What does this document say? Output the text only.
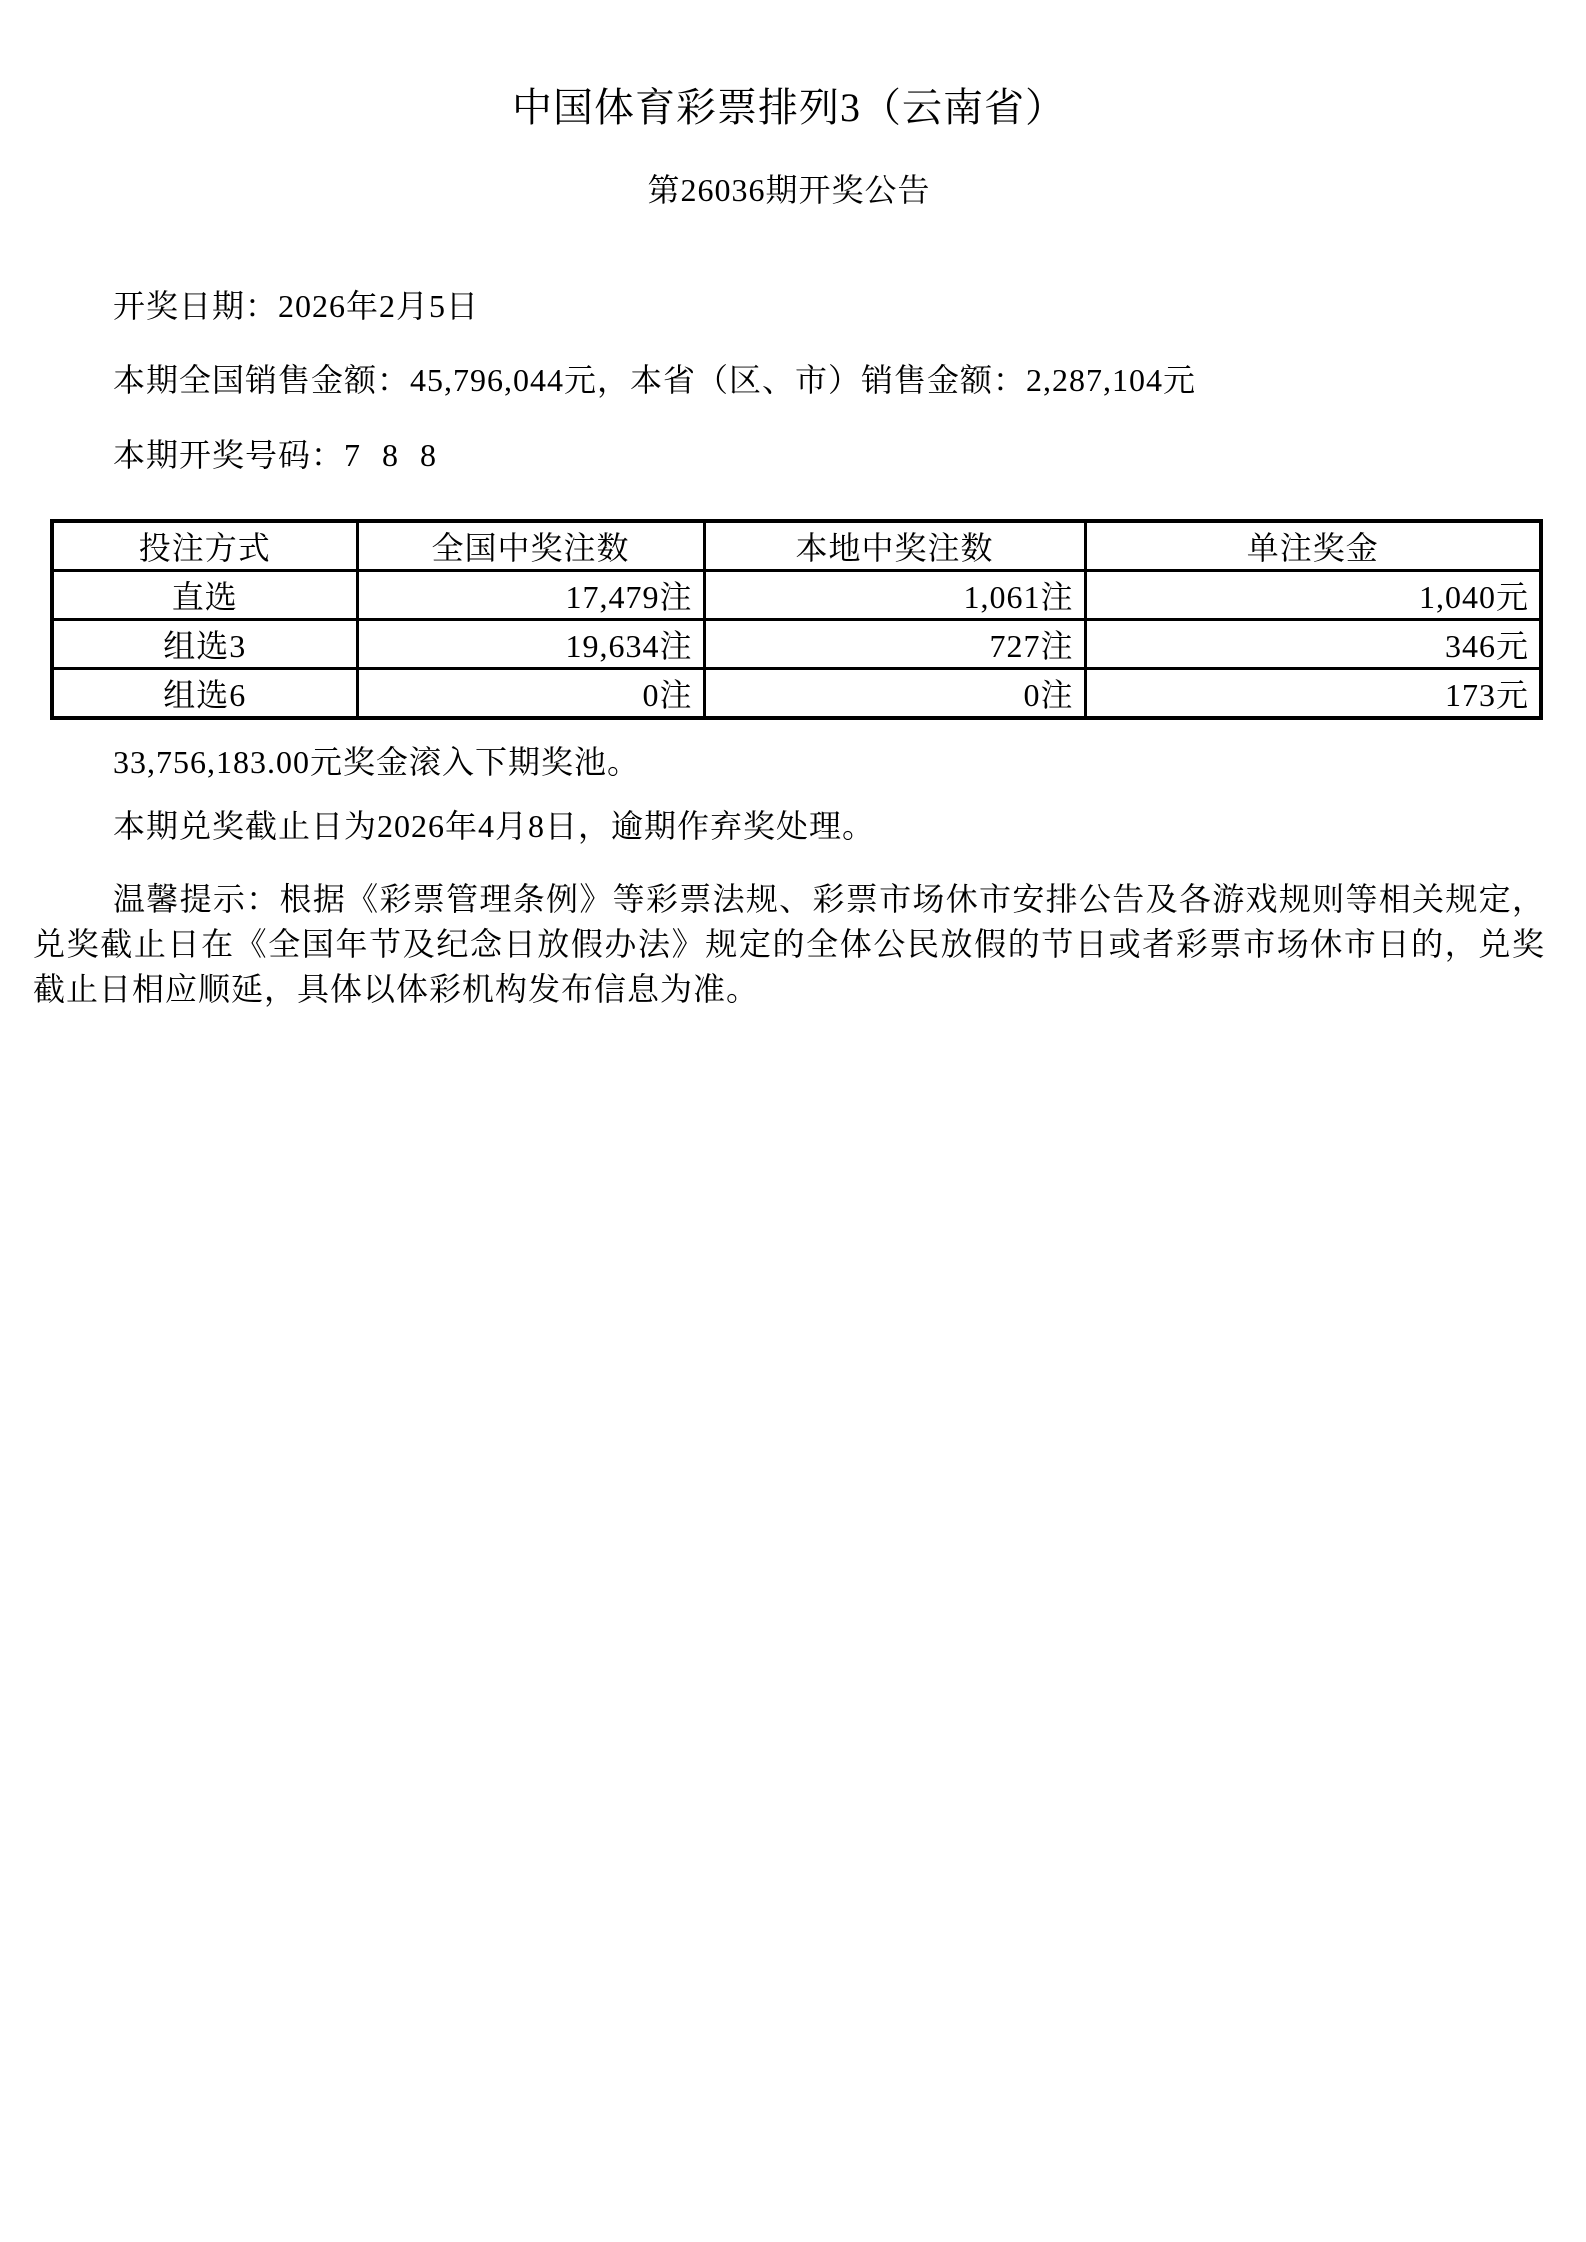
中国体育彩票排列3（云南省）
第26036期开奖公告

开奖日期：2026年2月5日

本期全国销售金额：45,796,044元，本省（区、市）销售金额：2,287,104元

本期开奖号码：7 8 8

投注方式	全国中奖注数	本地中奖注数	单注奖金
直选	17,479注	1,061注	1,040元
组选3	19,634注	727注	346元
组选6	0注	0注	173元

33,756,183.00元奖金滚入下期奖池。

本期兑奖截止日为2026年4月8日，逾期作弃奖处理。

温馨提示：根据《彩票管理条例》等彩票法规、彩票市场休市安排公告及各游戏规则等相关规定，兑奖截止日在《全国年节及纪念日放假办法》规定的全体公民放假的节日或者彩票市场休市日的，兑奖截止日相应顺延，具体以体彩机构发布信息为准。
